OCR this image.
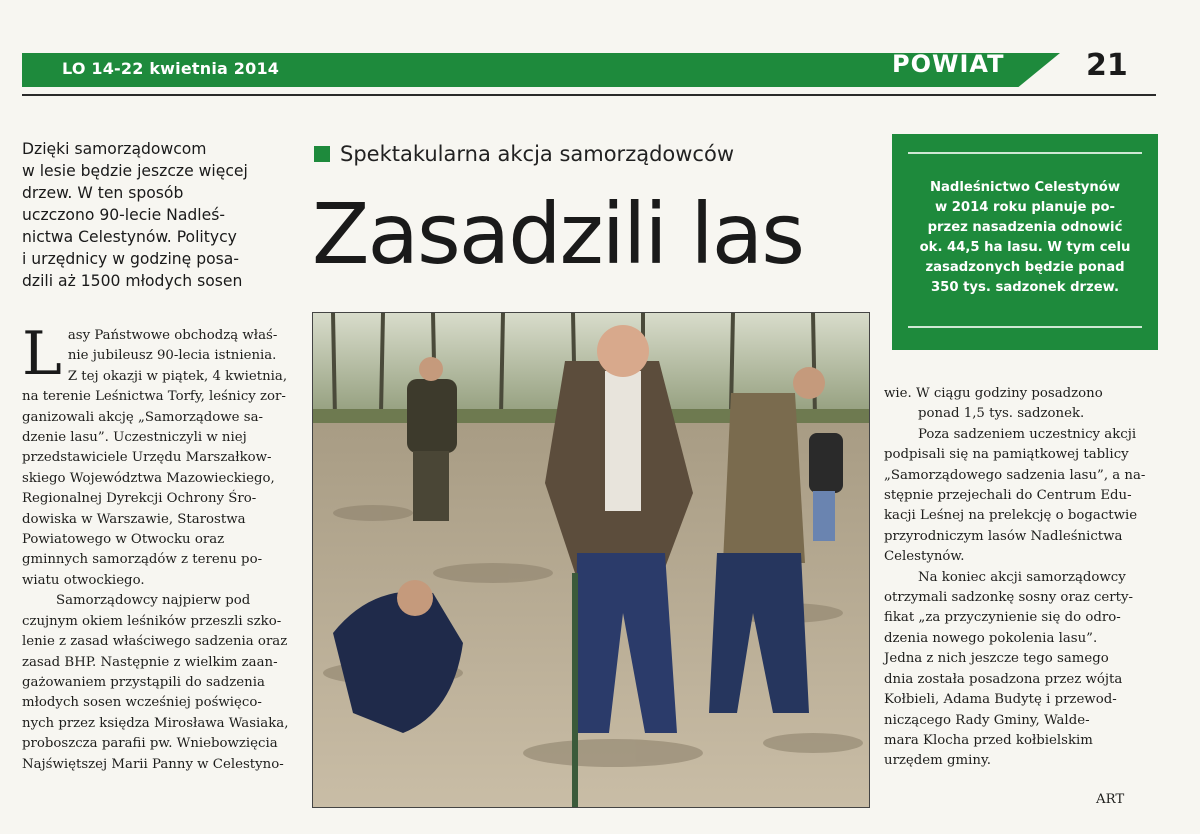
​
LO 14-22 kwietnia 2014	POWIAT	21
Dzięki samorządowcom
w lesie będzie jeszcze więcej
drzew. W ten sposób
uczczono 90-lecie Nadleś-
nictwa Celestynów. Politycy
i urzędnicy w godzinę posa-
dzili aż 1500 młodych sosen
Spektakularna akcja samorządowców
Zasadzili las	Nadleśnictwo Celestynów
w 2014 roku planuje po-
przez nasadzenia odnowić
ok. 44,5 ha lasu. W tym celu
zasadzonych będzie ponad
350 tys. sadzonek drzew.
L asy Państwowe obchodzą właś-
nie jubileusz 90-lecia istnienia.
Z tej okazji w piątek, 4 kwietnia,
na terenie Leśnictwa Torfy, leśnicy zor-
ganizowali akcję „Samorządowe sa-
dzenie lasu”. Uczestniczyli w niej
przedstawiciele Urzędu Marszałkow-
skiego Województwa Mazowieckiego,
Regionalnej Dyrekcji Ochrony Śro-
dowiska w Warszawie, Starostwa
Powiatowego w Otwocku oraz
gminnych samorządów z terenu po-
wiatu otwockiego.
Samorządowcy najpierw pod
czujnym okiem leśników przeszli szko-
lenie z zasad właściwego sadzenia oraz
zasad BHP. Następnie z wielkim zaan-
gażowaniem przystąpili do sadzenia
młodych sosen wcześniej poświęco-
nych przez księdza Mirosława Wasiaka,
proboszcza parafii pw. Wniebowzięcia
Najświętszej Marii Panny w Celestyno-
wie. W ciągu godziny posadzono
ponad 1,5 tys. sadzonek.
Poza sadzeniem uczestnicy akcji
podpisali się na pamiątkowej tablicy
„Samorządowego sadzenia lasu”, a na-
stępnie przejechali do Centrum Edu-
kacji Leśnej na prelekcję o bogactwie
przyrodniczym lasów Nadleśnictwa
Celestynów.
Na koniec akcji samorządowcy
otrzymali sadzonkę sosny oraz certy-
fikat „za przyczynienie się do odro-
dzenia nowego pokolenia lasu”.
Jedna z nich jeszcze tego samego
dnia została posadzona przez wójta
Kołbieli, Adama Budytę i przewod-
niczącego Rady Gminy, Walde-
mara Klocha przed kołbielskim
urzędem gminy.
ART
